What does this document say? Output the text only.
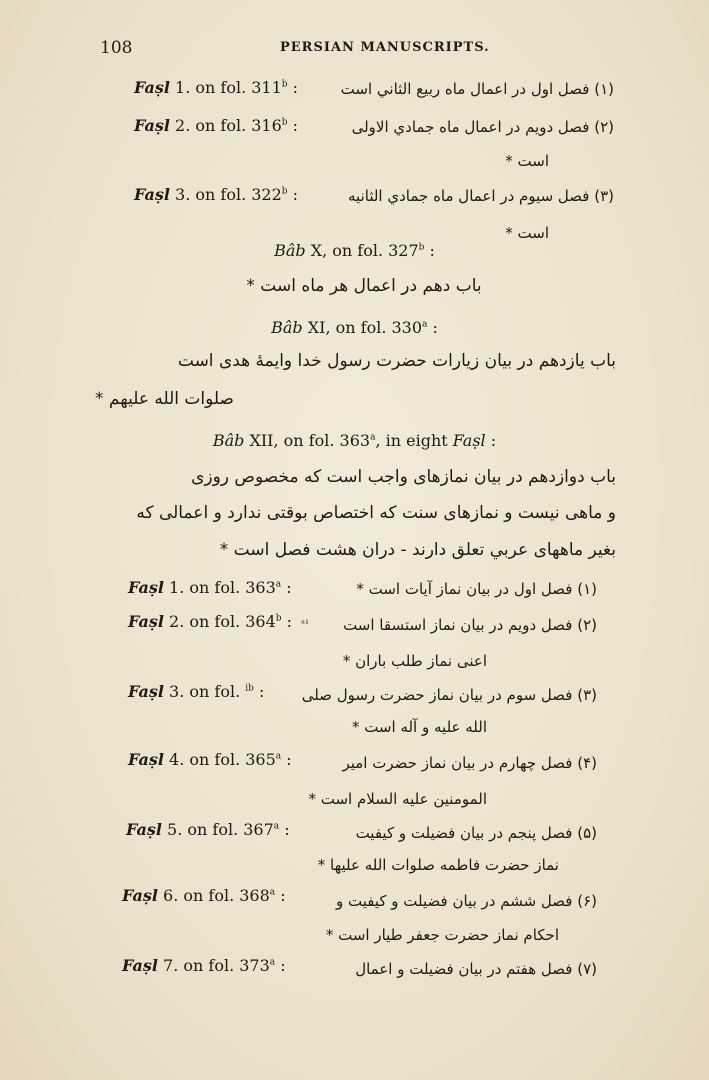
108	PERSIAN MANUSCRIPTS.
Faṣl 1. on fol. 311$^b$ :	(۱) فصل اول در اعمال ماه ربيع الثاني است
Faṣl 2. on fol. 316$^b$ :	(۲) فصل دويم در اعمال ماه جمادي الاولى
است *
Faṣl 3. on fol. 322$^b$ :	(۳) فصل سيوم در اعمال ماه جمادي الثانيه
است *
Bâb X, on fol. 327$^b$ :
باب دهم در اعمال هر ماه است *
Bâb XI, on fol. 330$^a$ :
باب يازدهم در بيان زيارات حضرت رسول خدا وايمهٔ هدى است
صلوات الله عليهم *
Bâb XII, on fol. 363$^a$, in eight Faṣl :
باب دوازدهم در بيان نمازهاى واجب است كه مخصوص روزى
و ماهى نيست و نمازهاى سنت كه اختصاص بوقتى ندارد و اعمالى كه
بغير ماههاى عربي تعلق دارند - دران هشت فصل است *
Faṣl 1. on fol. 363$^a$ :	(۱) فصل اول در بيان نماز آيات است *
Faṣl 2. on fol. 364$^b$ : ᵃ¹ (۲) فصل دويم در بيان نماز استسقا است
اعنى نماز طلب باران *
Faṣl 3. on fol. $^{ib}$ : (۳) فصل سوم در بيان نماز حضرت رسول صلى
الله عليه و آله است *
Faṣl 4. on fol. 365$^a$ :	(۴) فصل چهارم در بيان نماز حضرت امير
المومنين عليه السلام است *
Faṣl 5. on fol. 367$^a$ :	(۵) فصل پنجم در بيان فضيلت و كيفيت
نماز حضرت فاطمه صلوات الله عليها *
Faṣl 6. on fol. 368$^a$ :	(۶) فصل ششم در بيان فضيلت و كيفيت و
احكام نماز حضرت جعفر طيار است *
Faṣl 7. on fol. 373$^a$ :	(۷) فصل هفتم در بيان فضيلت و اعمال
